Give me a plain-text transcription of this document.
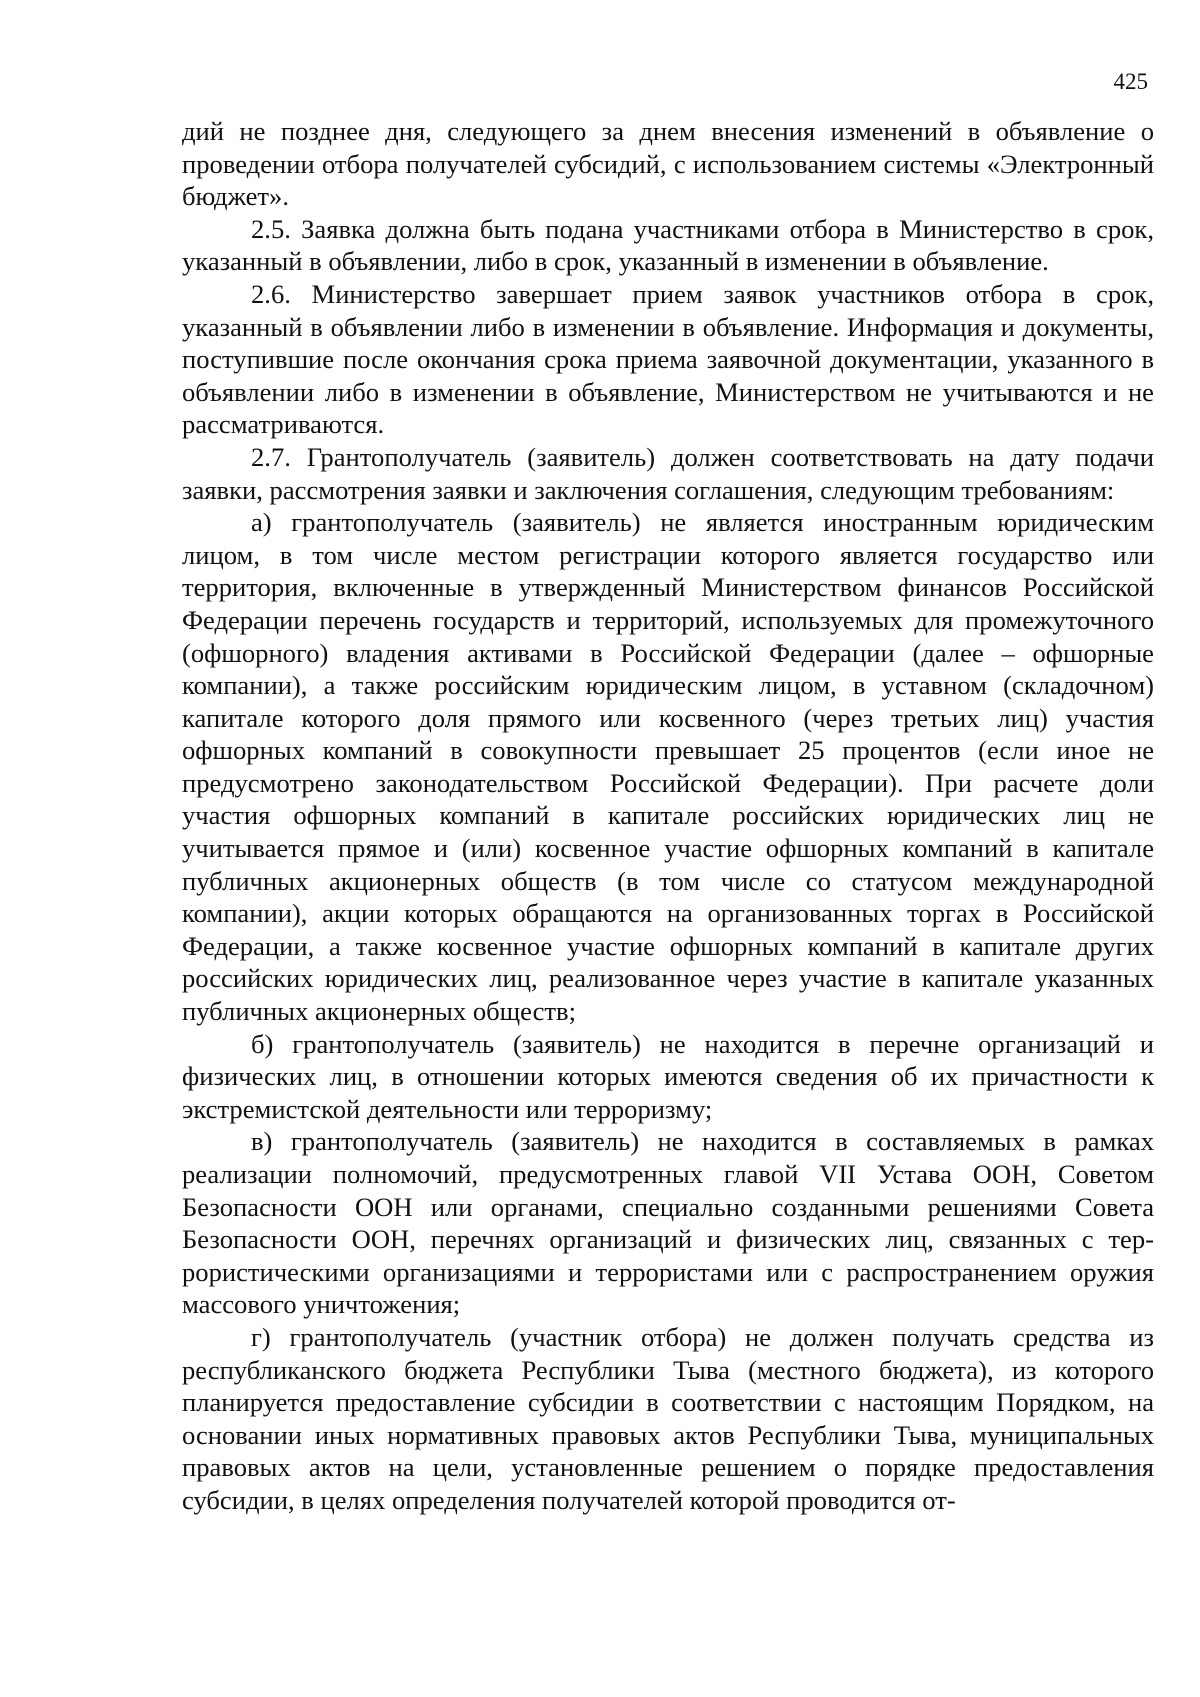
425

дий не позднее дня, следующего за днем внесения изменений в объявление о проведении отбора получателей субсидий, с использованием системы «Электронный бюджет».

2.5. Заявка должна быть подана участниками отбора в Министерство в срок, указанный в объявлении, либо в срок, указанный в изменении в объявление.

2.6. Министерство завершает прием заявок участников отбора в срок, указанный в объявлении либо в изменении в объявление. Информация и документы, поступившие после окончания срока приема заявочной документации, указанного в объявлении либо в изменении в объявление, Министерством не учитываются и не рассматриваются.

2.7. Грантополучатель (заявитель) должен соответствовать на дату подачи заявки, рассмотрения заявки и заключения соглашения, следующим требованиям:

а) грантополучатель (заявитель) не является иностранным юридическим лицом, в том числе местом регистрации которого является государство или территория, включенные в утвержденный Министерством финансов Российской Федерации перечень государств и территорий, используемых для промежуточного (офшорного) владения активами в Российской Федерации (далее – офшорные компании), а также российским юридическим лицом, в уставном (складочном) капитале которого доля прямого или косвенного (через третьих лиц) участия офшорных компаний в совокупности превышает 25 процентов (если иное не предусмотрено законодательством Российской Федерации). При расчете доли участия офшорных компаний в капитале российских юридических лиц не учитывается прямое и (или) косвенное участие офшорных компаний в капитале публичных акционерных обществ (в том числе со статусом международной компании), акции которых обращаются на организованных торгах в Российской Федерации, а также косвенное участие офшорных компаний в капитале других российских юридических лиц, реализованное через участие в капитале указанных публичных акционерных обществ;

б) грантополучатель (заявитель) не находится в перечне организаций и физических лиц, в отношении которых имеются сведения об их причастности к экстремистской деятельности или терроризму;

в) грантополучатель (заявитель) не находится в составляемых в рамках реализации полномочий, предусмотренных главой VII Устава ООН, Советом Безопасности ООН или органами, специально созданными решениями Совета Безопасности ООН, перечнях организаций и физических лиц, связанных с террористическими организациями и террористами или с распространением оружия массового уничтожения;

г) грантополучатель (участник отбора) не должен получать средства из республиканского бюджета Республики Тыва (местного бюджета), из которого планируется предоставление субсидии в соответствии с настоящим Порядком, на основании иных нормативных правовых актов Республики Тыва, муниципальных правовых актов на цели, установленные решением о порядке предоставления субсидии, в целях определения получателей которой проводится от-
